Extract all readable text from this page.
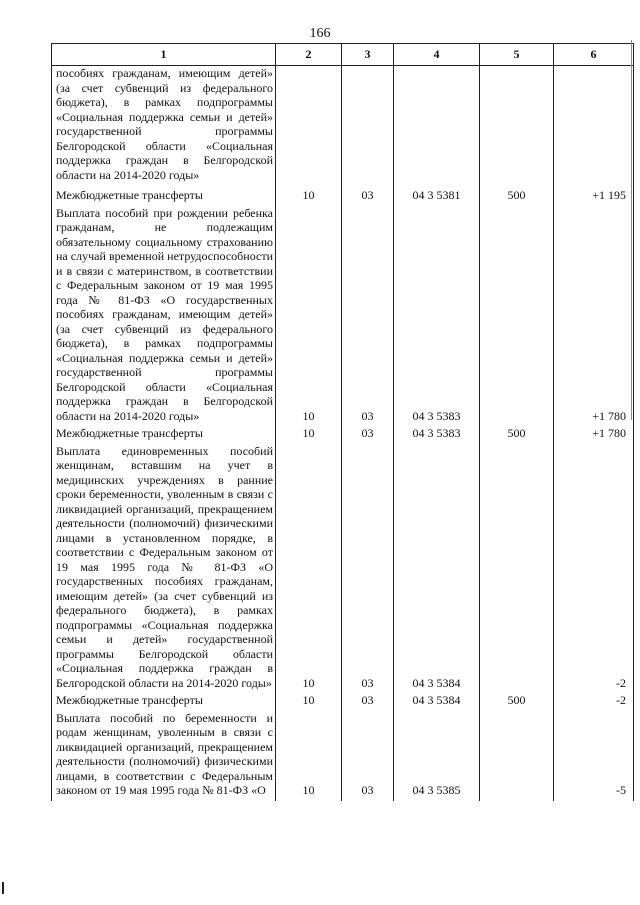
166
1	2	3	4	5	6
пособиях гражданам, имеющим детей» (за счет субвенций из федерального бюджета), в рамках подпрограммы «Социальная поддержка семьи и детей» государственной программы Белгородской области «Социальная поддержка граждан в Белгородской области на 2014-2020 годы»					
Межбюджетные трансферты	10	03	04 3 5381	500	+1 195
Выплата пособий при рождении ребенка гражданам, не подлежащим обязательному социальному страхованию на случай временной нетрудоспособности и в связи с материнством, в соответствии с Федеральным законом от 19 мая 1995 года № 81-ФЗ «О государственных пособиях гражданам, имеющим детей» (за счет субвенций из федерального бюджета), в рамках подпрограммы «Социальная поддержка семьи и детей» государственной программы Белгородской области «Социальная поддержка граждан в Белгородской области на 2014-2020 годы»	10	03	04 3 5383		+1 780
Межбюджетные трансферты	10	03	04 3 5383	500	+1 780
Выплата единовременных пособий женщинам, вставшим на учет в медицинских учреждениях в ранние сроки беременности, уволенным в связи с ликвидацией организаций, прекращением деятельности (полномочий) физическими лицами в установленном порядке, в соответствии с Федеральным законом от 19 мая 1995 года № 81-ФЗ «О государственных пособиях гражданам, имеющим детей» (за счет субвенций из федерального бюджета), в рамках подпрограммы «Социальная поддержка семьи и детей» государственной программы Белгородской области «Социальная поддержка граждан в Белгородской области на 2014-2020 годы»	10	03	04 3 5384		-2
Межбюджетные трансферты	10	03	04 3 5384	500	-2
Выплата пособий по беременности и родам женщинам, уволенным в связи с ликвидацией организаций, прекращением деятельности (полномочий) физическими лицами, в соответствии с Федеральным законом от 19 мая 1995 года № 81-ФЗ «О	10	03	04 3 5385		-5
